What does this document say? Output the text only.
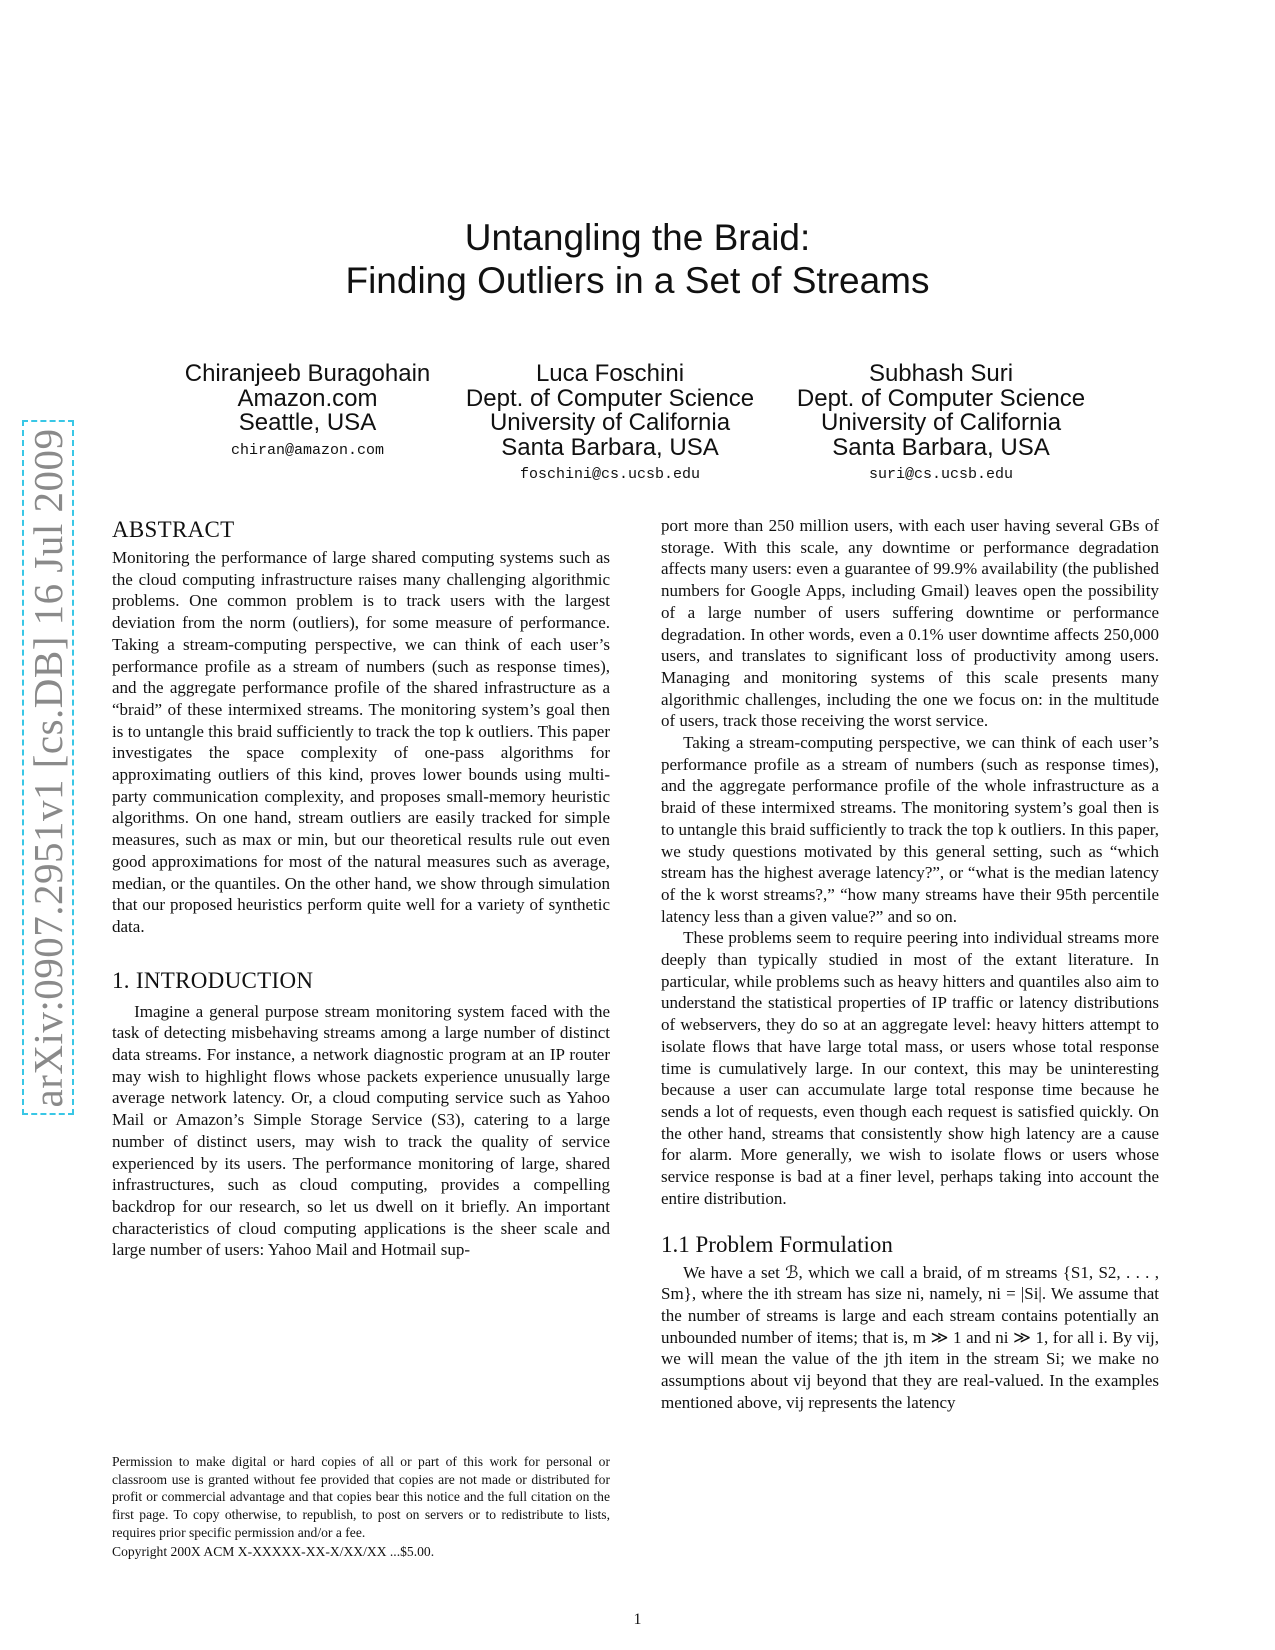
arXiv:0907.2951v1 [cs.DB] 16 Jul 2009
Untangling the Braid:
Finding Outliers in a Set of Streams
Chiranjeeb Buragohain
Amazon.com
Seattle, USA
chiran@amazon.com
Luca Foschini
Dept. of Computer Science
University of California
Santa Barbara, USA
foschini@cs.ucsb.edu
Subhash Suri
Dept. of Computer Science
University of California
Santa Barbara, USA
suri@cs.ucsb.edu
ABSTRACT

Monitoring the performance of large shared computing systems such as the cloud computing infrastructure raises many challenging algorithmic problems. One common problem is to track users with the largest deviation from the norm (outliers), for some measure of performance. Taking a stream-computing perspective, we can think of each user’s performance profile as a stream of numbers (such as response times), and the aggregate performance profile of the shared infrastructure as a “braid” of these intermixed streams. The monitoring system’s goal then is to untangle this braid sufficiently to track the top k outliers. This paper investigates the space complexity of one-pass algorithms for approximating outliers of this kind, proves lower bounds using multi-party communication complexity, and proposes small-memory heuristic algorithms. On one hand, stream outliers are easily tracked for simple measures, such as max or min, but our theoretical results rule out even good approximations for most of the natural measures such as average, median, or the quantiles. On the other hand, we show through simulation that our proposed heuristics perform quite well for a variety of synthetic data.

1. INTRODUCTION

Imagine a general purpose stream monitoring system faced with the task of detecting misbehaving streams among a large number of distinct data streams. For instance, a network diagnostic program at an IP router may wish to highlight flows whose packets experience unusually large average network latency. Or, a cloud computing service such as Yahoo Mail or Amazon’s Simple Storage Service (S3), catering to a large number of distinct users, may wish to track the quality of service experienced by its users. The performance monitoring of large, shared infrastructures, such as cloud computing, provides a compelling backdrop for our research, so let us dwell on it briefly. An important characteristics of cloud computing applications is the sheer scale and large number of users: Yahoo Mail and Hotmail sup-

port more than 250 million users, with each user having several GBs of storage. With this scale, any downtime or performance degradation affects many users: even a guarantee of 99.9% availability (the published numbers for Google Apps, including Gmail) leaves open the possibility of a large number of users suffering downtime or performance degradation. In other words, even a 0.1% user downtime affects 250,000 users, and translates to significant loss of productivity among users. Managing and monitoring systems of this scale presents many algorithmic challenges, including the one we focus on: in the multitude of users, track those receiving the worst service.

Taking a stream-computing perspective, we can think of each user’s performance profile as a stream of numbers (such as response times), and the aggregate performance profile of the whole infrastructure as a braid of these intermixed streams. The monitoring system’s goal then is to untangle this braid sufficiently to track the top k outliers. In this paper, we study questions motivated by this general setting, such as “which stream has the highest average latency?”, or “what is the median latency of the k worst streams?,” “how many streams have their 95th percentile latency less than a given value?” and so on.

These problems seem to require peering into individual streams more deeply than typically studied in most of the extant literature. In particular, while problems such as heavy hitters and quantiles also aim to understand the statistical properties of IP traffic or latency distributions of webservers, they do so at an aggregate level: heavy hitters attempt to isolate flows that have large total mass, or users whose total response time is cumulatively large. In our context, this may be uninteresting because a user can accumulate large total response time because he sends a lot of requests, even though each request is satisfied quickly. On the other hand, streams that consistently show high latency are a cause for alarm. More generally, we wish to isolate flows or users whose service response is bad at a finer level, perhaps taking into account the entire distribution.

1.1 Problem Formulation

We have a set ℬ, which we call a braid, of m streams {S1, S2, . . . , Sm}, where the ith stream has size ni, namely, ni = |Si|. We assume that the number of streams is large and each stream contains potentially an unbounded number of items; that is, m ≫ 1 and ni ≫ 1, for all i. By vij, we will mean the value of the jth item in the stream Si; we make no assumptions about vij beyond that they are real-valued. In the examples mentioned above, vij represents the latency

Permission to make digital or hard copies of all or part of this work for personal or classroom use is granted without fee provided that copies are not made or distributed for profit or commercial advantage and that copies bear this notice and the full citation on the first page. To copy otherwise, to republish, to post on servers or to redistribute to lists, requires prior specific permission and/or a fee.
Copyright 200X ACM X-XXXXX-XX-X/XX/XX ...$5.00.
1
